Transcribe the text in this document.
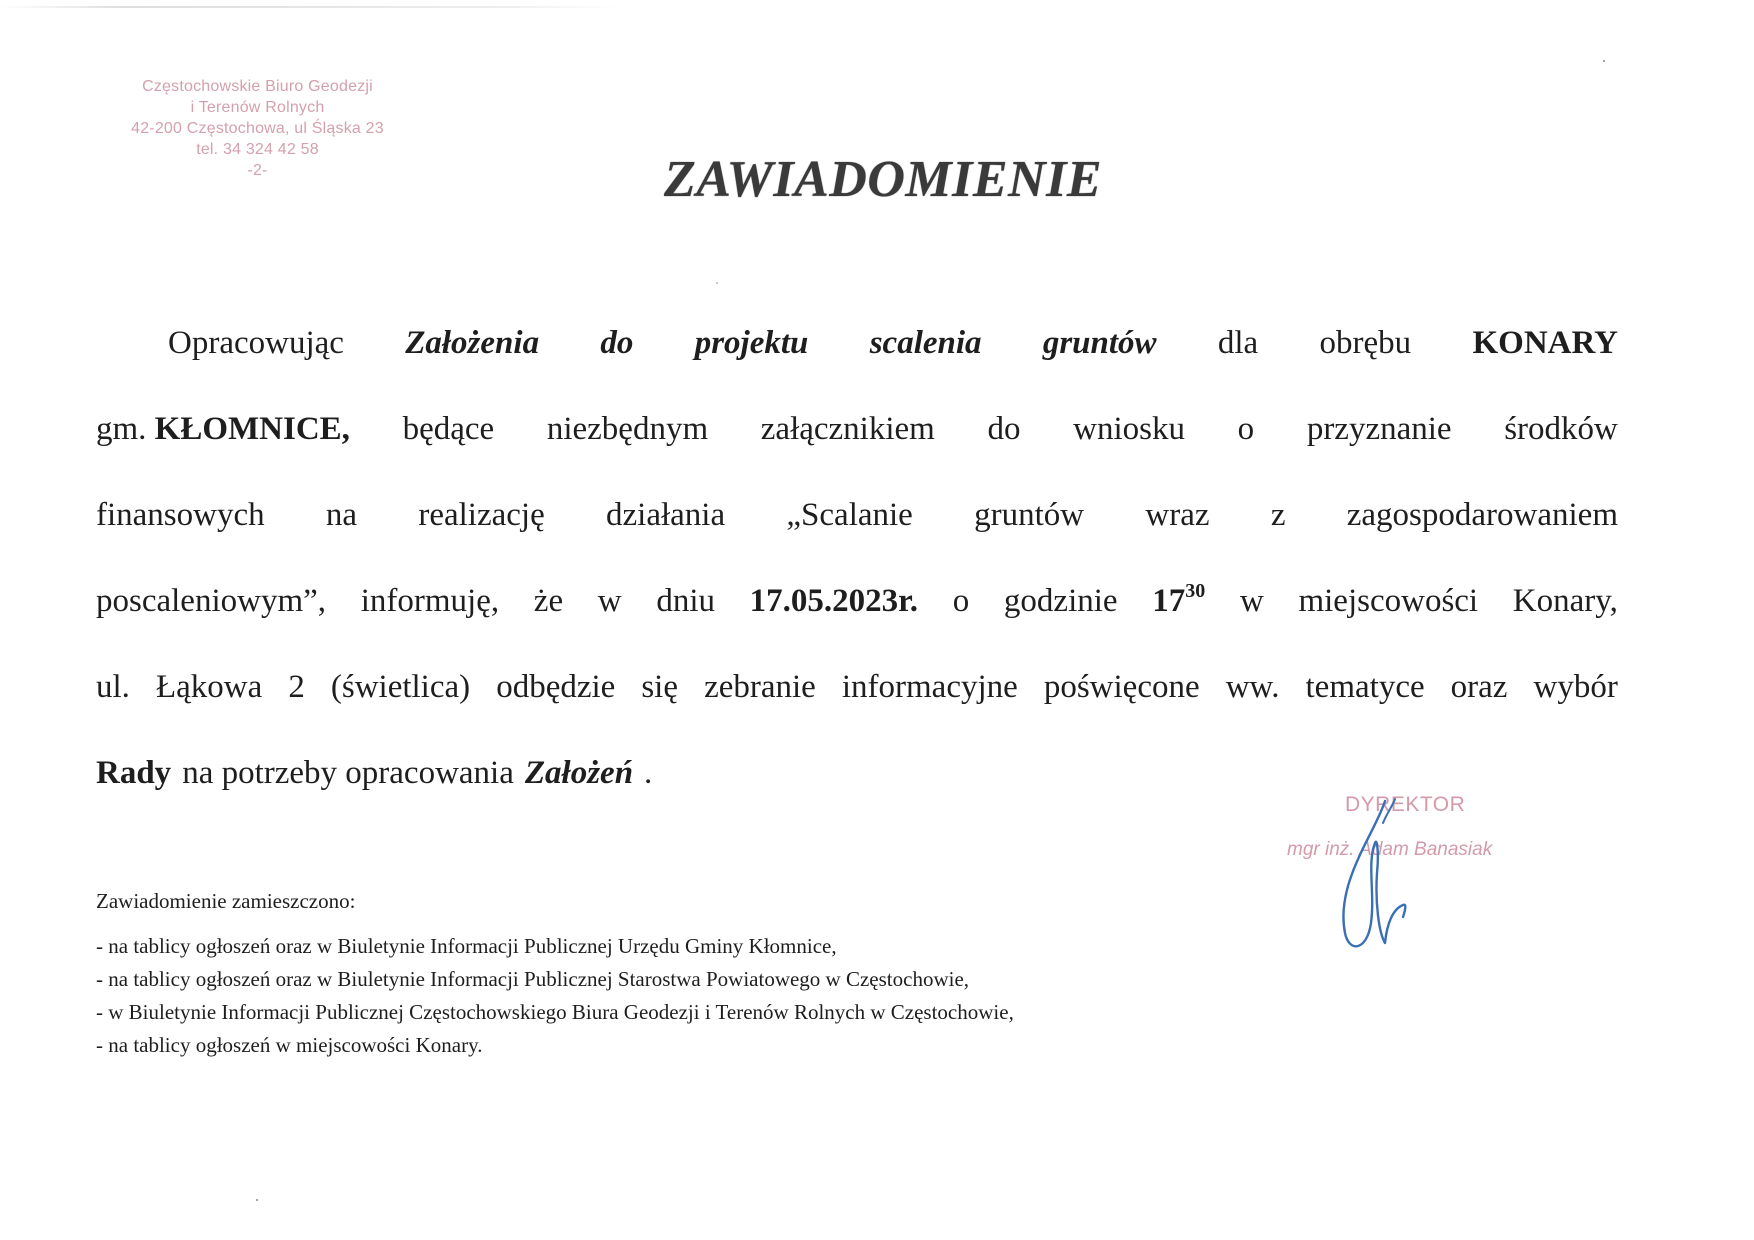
Częstochowskie Biuro Geodezji
i Terenów Rolnych
42-200 Częstochowa, ul Śląska 23
tel. 34 324 42 58
-2-	ZAWIADOMIENIE
Opracowując Założenia do projektu scalenia gruntów dla obrębu KONARY
gm. KŁOMNICE, będące niezbędnym załącznikiem do wniosku o przyznanie środków
finansowych na realizację działania „Scalanie gruntów wraz z zagospodarowaniem
poscaleniowym”, informuję, że w dniu 17.05.2023r. o godzinie $17^{30}$ w miejscowości Konary,
ul. Łąkowa 2 (świetlica) odbędzie się zebranie informacyjne poświęcone ww. tematyce oraz wybór
Rady na potrzeby opracowania Założeń .
DYREKTOR
mgr inż. Adam Banasiak
Zawiadomienie zamieszczono:
- na tablicy ogłoszeń oraz w Biuletynie Informacji Publicznej Urzędu Gminy Kłomnice,
- na tablicy ogłoszeń oraz w Biuletynie Informacji Publicznej Starostwa Powiatowego w Częstochowie,
- w Biuletynie Informacji Publicznej Częstochowskiego Biura Geodezji i Terenów Rolnych w Częstochowie,
- na tablicy ogłoszeń w miejscowości Konary.
